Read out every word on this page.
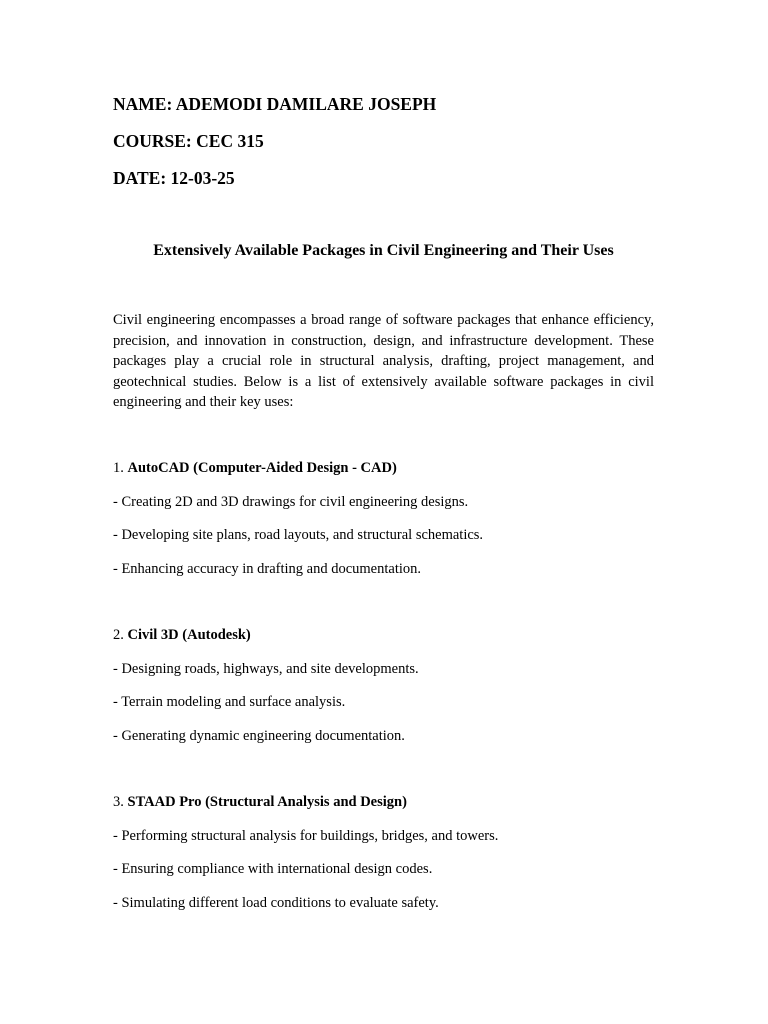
NAME: ADEMODI DAMILARE JOSEPH
COURSE: CEC 315
DATE: 12-03-25
Extensively Available Packages in Civil Engineering and Their Uses

Civil engineering encompasses a broad range of software packages that enhance efficiency, precision, and innovation in construction, design, and infrastructure development. These packages play a crucial role in structural analysis, drafting, project management, and geotechnical studies. Below is a list of extensively available software packages in civil engineering and their key uses:

1. AutoCAD (Computer-Aided Design - CAD)
- Creating 2D and 3D drawings for civil engineering designs.
- Developing site plans, road layouts, and structural schematics.
- Enhancing accuracy in drafting and documentation.
2. Civil 3D (Autodesk)
- Designing roads, highways, and site developments.
- Terrain modeling and surface analysis.
- Generating dynamic engineering documentation.
3. STAAD Pro (Structural Analysis and Design)
- Performing structural analysis for buildings, bridges, and towers.
- Ensuring compliance with international design codes.
- Simulating different load conditions to evaluate safety.
